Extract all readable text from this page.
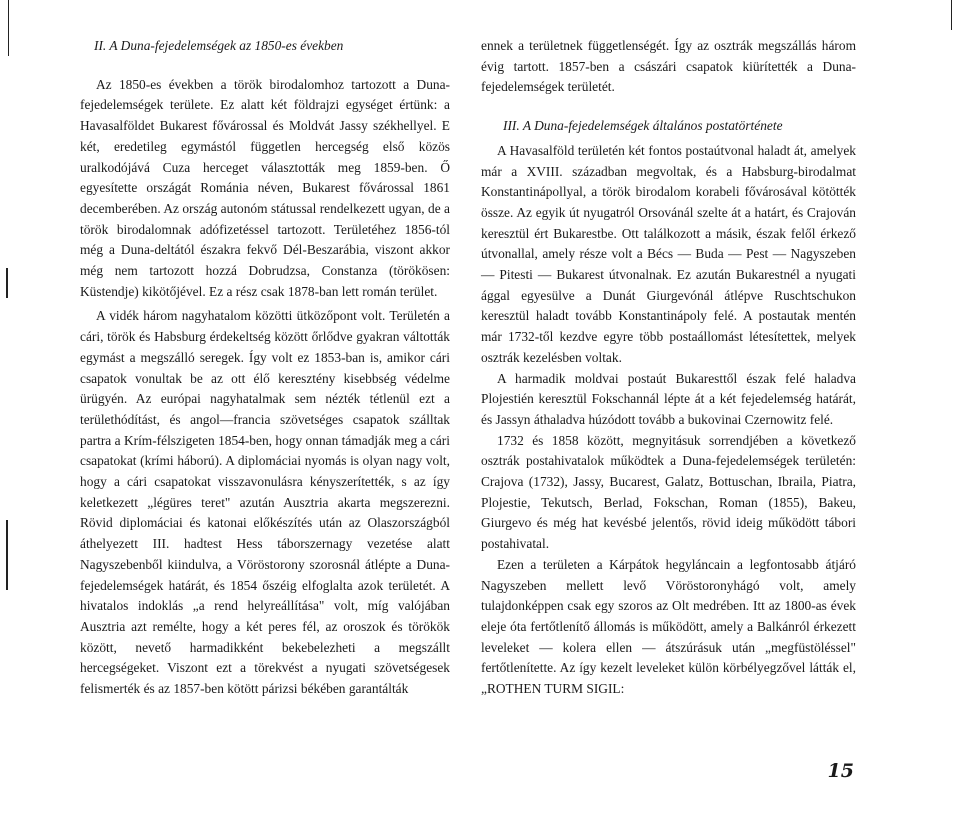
II. A Duna-fejedelemségek az 1850-es években

Az 1850-es években a török birodalomhoz tartozott a Duna-fejedelemségek területe. Ez alatt két földrajzi egységet értünk: a Havasalföldet Bukarest fővárossal és Moldvát Jassy székhellyel. E két, eredetileg egymástól független hercegség első közös uralkodójává Cuza herceget választották meg 1859-ben. Ő egyesítette országát Románia néven, Bukarest fővárossal 1861 decemberében. Az ország autonóm státussal rendelkezett ugyan, de a török birodalomnak adófizetéssel tartozott. Területéhez 1856-tól még a Duna-deltától északra fekvő Dél-Beszarábia, viszont akkor még nem tartozott hozzá Dobrudzsa, Constanza (törökösen: Küstendje) kikötőjével. Ez a rész csak 1878-ban lett román terület.

A vidék három nagyhatalom közötti ütközőpont volt. Területén a cári, török és Habsburg érdekeltség között őrlődve gyakran váltották egymást a megszálló seregek. Így volt ez 1853-ban is, amikor cári csapatok vonultak be az ott élő keresztény kisebbség védelme ürügyén. Az európai nagyhatalmak sem nézték tétlenül ezt a területhódítást, és angol—francia szövetséges csapatok szálltak partra a Krím-félszigeten 1854-ben, hogy onnan támadják meg a cári csapatokat (krími háború). A diplomáciai nyomás is olyan nagy volt, hogy a cári csapatokat visszavonulásra kényszerítették, s az így keletkezett „légüres teret" azután Ausztria akarta megszerezni. Rövid diplomáciai és katonai előkészítés után az Olaszországból áthelyezett III. hadtest Hess táborszernagy vezetése alatt Nagyszebenből kiindulva, a Vöröstorony szorosnál átlépte a Duna-fejedelemségek határát, és 1854 őszéig elfoglalta azok területét. A hivatalos indoklás „a rend helyreállítása" volt, míg valójában Ausztria azt remélte, hogy a két peres fél, az oroszok és törökök között, nevető harmadikként bekebelezheti a megszállt hercegségeket. Viszont ezt a törekvést a nyugati szövetségesek felismerték és az 1857-ben kötött párizsi békében garantálták

ennek a területnek függetlenségét. Így az osztrák megszállás három évig tartott. 1857-ben a császári csapatok kiürítették a Duna-fejedelemségek területét.

III. A Duna-fejedelemségek általános postatörténete

A Havasalföld területén két fontos postaútvonal haladt át, amelyek már a XVIII. században megvoltak, és a Habsburg-birodalmat Konstantinápollyal, a török birodalom korabeli fővárosával kötötték össze. Az egyik út nyugatról Orsovánál szelte át a határt, és Crajován keresztül ért Bukarestbe. Ott találkozott a másik, észak felől érkező útvonallal, amely része volt a Bécs — Buda — Pest — Nagyszeben — Pitesti — Bukarest útvonalnak. Ez azután Bukarestnél a nyugati ággal egyesülve a Dunát Giurgevónál átlépve Ruschtschukon keresztül haladt tovább Konstantinápoly felé. A postautak mentén már 1732-től kezdve egyre több postaállomást létesítettek, melyek osztrák kezelésben voltak.

A harmadik moldvai postaút Bukaresttől észak felé haladva Plojestién keresztül Fokschannál lépte át a két fejedelemség határát, és Jassyn áthaladva húzódott tovább a bukovinai Czernowitz felé.

1732 és 1858 között, megnyitásuk sorrendjében a következő osztrák postahivatalok működtek a Duna-fejedelemségek területén: Crajova (1732), Jassy, Bucarest, Galatz, Bottuschan, Ibraila, Piatra, Plojestie, Tekutsch, Berlad, Fokschan, Roman (1855), Bakeu, Giurgevo és még hat kevésbé jelentős, rövid ideig működött tábori postahivatal.

Ezen a területen a Kárpátok hegyláncain a legfontosabb átjáró Nagyszeben mellett levő Vöröstoronyhágó volt, amely tulajdonképpen csak egy szoros az Olt medrében. Itt az 1800-as évek eleje óta fertőtlenítő állomás is működött, amely a Balkánról érkezett leveleket — kolera ellen — átszúrásuk után „megfüstöléssel" fertőtlenítette. Az így kezelt leveleket külön körbélyegzővel látták el, „ROTHEN TURM SIGIL:

15
